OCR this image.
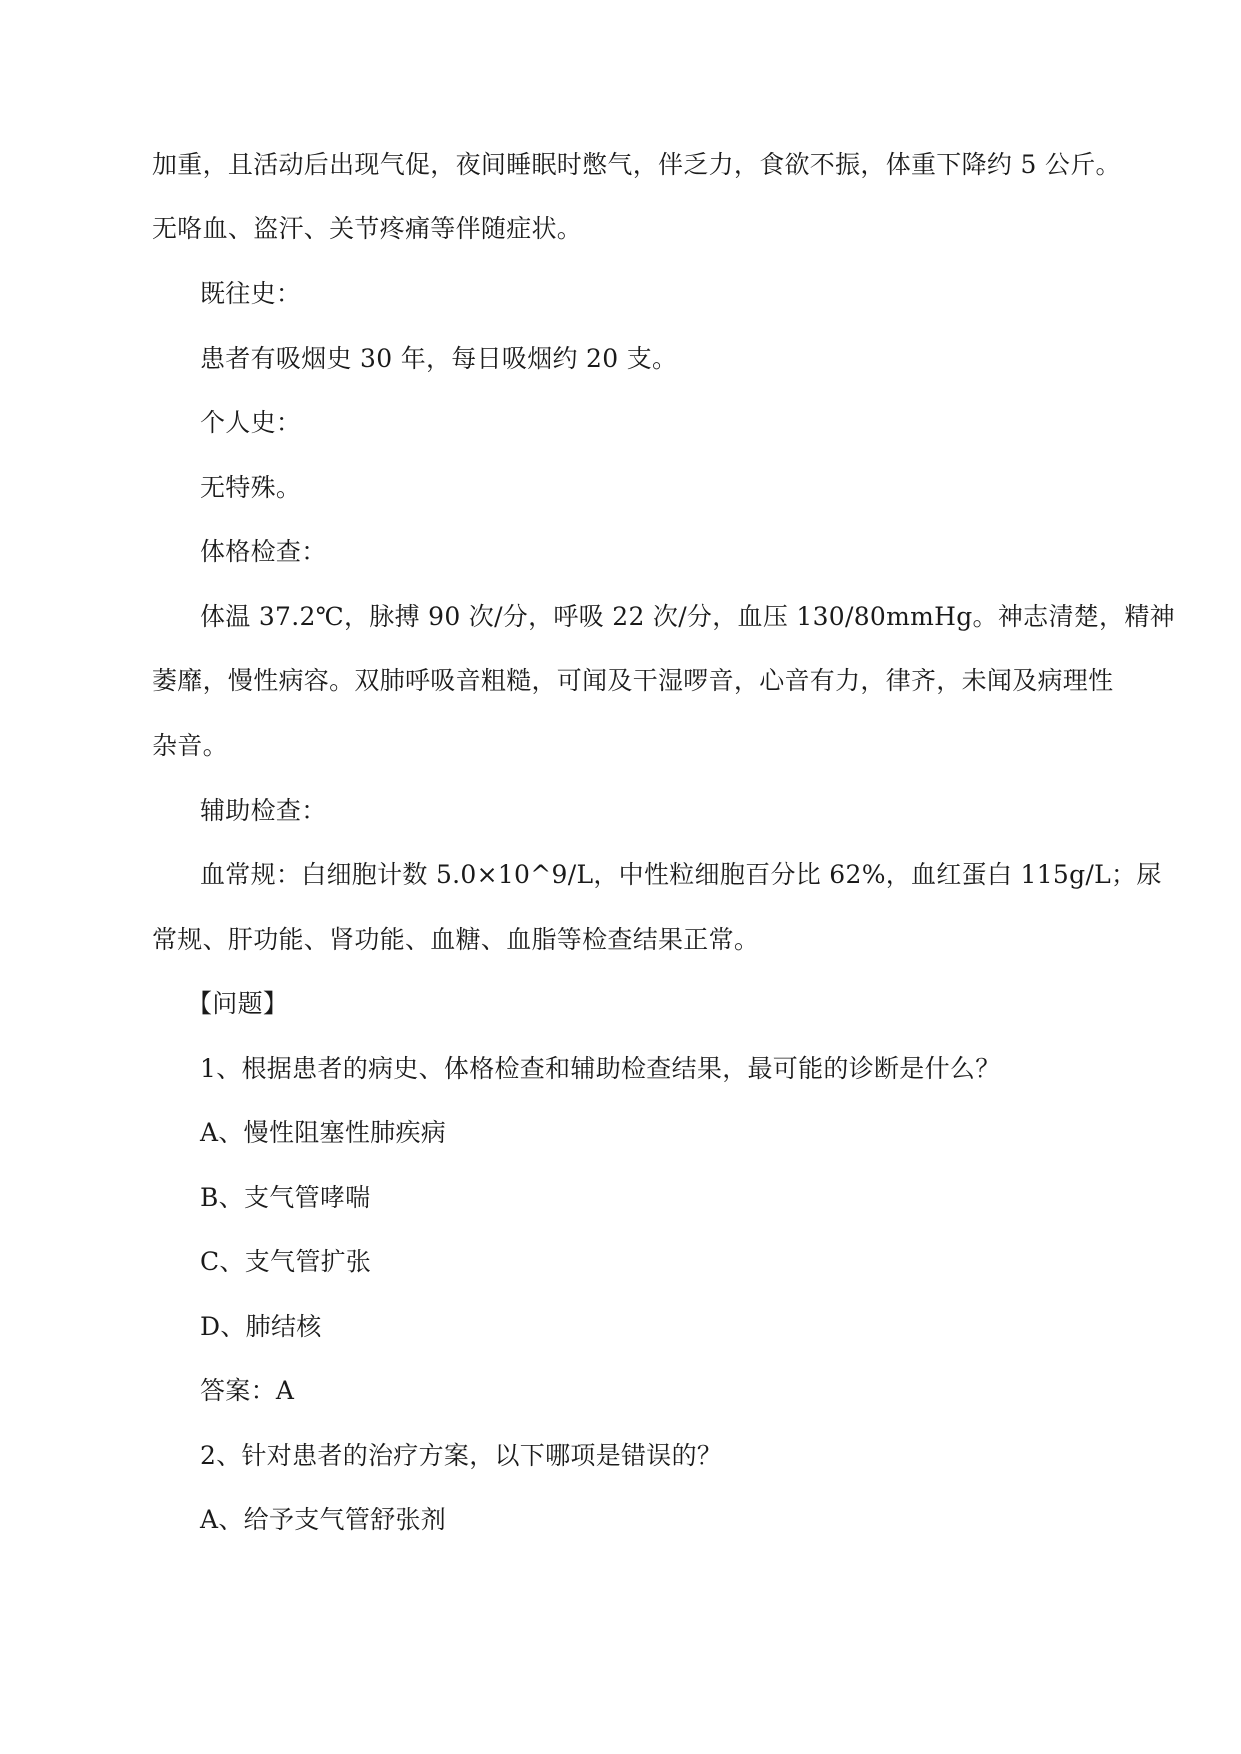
加重，且活动后出现气促，夜间睡眠时憋气，伴乏力，食欲不振，体重下降约 5 公斤。
无咯血、盗汗、关节疼痛等伴随症状。
既往史：
患者有吸烟史 30 年，每日吸烟约 20 支。
个人史：
无特殊。
体格检查：
体温 37.2℃，脉搏 90 次/分，呼吸 22 次/分，血压 130/80mmHg。神志清楚，精神
萎靡，慢性病容。双肺呼吸音粗糙，可闻及干湿啰音，心音有力，律齐，未闻及病理性
杂音。
辅助检查：
血常规：白细胞计数 5.0×10^9/L，中性粒细胞百分比 62%，血红蛋白 115g/L；尿
常规、肝功能、肾功能、血糖、血脂等检查结果正常。
【问题】
1、根据患者的病史、体格检查和辅助检查结果，最可能的诊断是什么？
A、慢性阻塞性肺疾病
B、支气管哮喘
C、支气管扩张
D、肺结核
答案：A
2、针对患者的治疗方案，以下哪项是错误的？
A、给予支气管舒张剂
